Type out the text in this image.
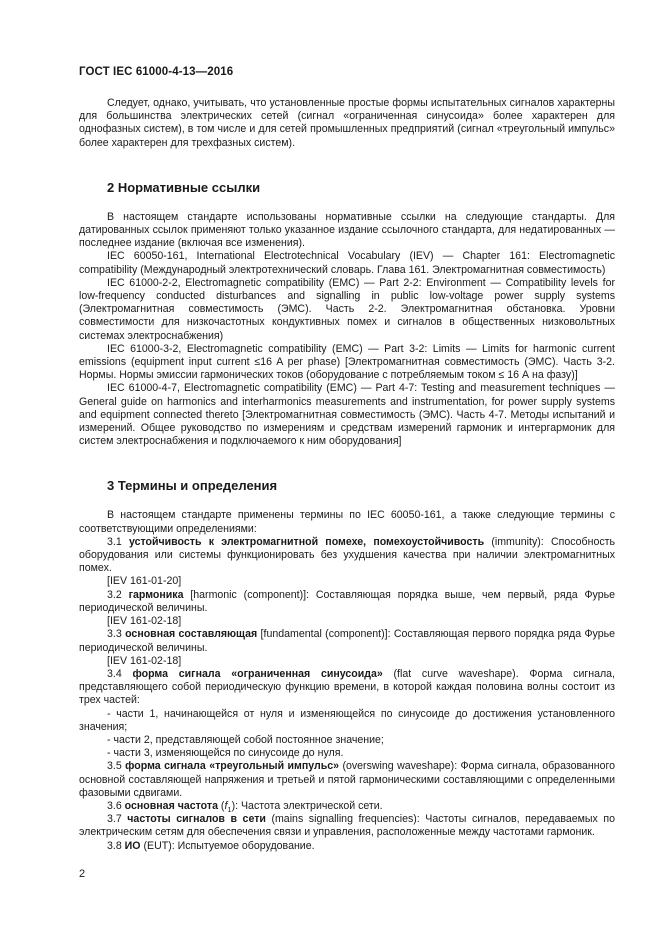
ГОСТ IEC 61000-4-13—2016

Следует, однако, учитывать, что установленные простые формы испытательных сигналов характерны для большинства электрических сетей (сигнал «ограниченная синусоида» более характерен для однофазных систем), в том числе и для сетей промышленных предприятий (сигнал «треугольный импульс» более характерен для трехфазных систем).

2 Нормативные ссылки

В настоящем стандарте использованы нормативные ссылки на следующие стандарты. Для датированных ссылок применяют только указанное издание ссылочного стандарта, для недатированных — последнее издание (включая все изменения).

IEC 60050-161, International Electrotechnical Vocabulary (IEV) — Chapter 161: Electromagnetic compatibility (Международный электротехнический словарь. Глава 161. Электромагнитная совместимость)

IEC 61000-2-2, Electromagnetic compatibility (EMC) — Part 2-2: Environment — Compatibility levels for low-frequency conducted disturbances and signalling in public low-voltage power supply systems (Электромагнитная совместимость (ЭМС). Часть 2-2. Электромагнитная обстановка. Уровни совместимости для низкочастотных кондуктивных помех и сигналов в общественных низковольтных системах электроснабжения)

IEC 61000-3-2, Electromagnetic compatibility (EMC) — Part 3-2: Limits — Limits for harmonic current emissions (equipment input current ≤16 A per phase) [Электромагнитная совместимость (ЭМС). Часть 3-2. Нормы. Нормы эмиссии гармонических токов (оборудование с потребляемым током ≤ 16 А на фазу)]

IEC 61000-4-7, Electromagnetic compatibility (EMC) — Part 4-7: Testing and measurement techniques — General guide on harmonics and interharmonics measurements and instrumentation, for power supply systems and equipment connected thereto [Электромагнитная совместимость (ЭМС). Часть 4-7. Методы испытаний и измерений. Общее руководство по измерениям и средствам измерений гармоник и интергармоник для систем электроснабжения и подключаемого к ним оборудования]

3 Термины и определения

В настоящем стандарте применены термины по IEC 60050-161, а также следующие термины с соответствующими определениями:

3.1 устойчивость к электромагнитной помехе, помехоустойчивость (immunity): Способность оборудования или системы функционировать без ухудшения качества при наличии электромагнитных помех.

[IEV 161-01-20]

3.2 гармоника [harmonic (component)]: Составляющая порядка выше, чем первый, ряда Фурье периодической величины.

[IEV 161-02-18]

3.3 основная составляющая [fundamental (component)]: Составляющая первого порядка ряда Фурье периодической величины.

[IEV 161-02-18]

3.4 форма сигнала «ограниченная синусоида» (flat curve waveshape). Форма сигнала, представляющего собой периодическую функцию времени, в которой каждая половина волны состоит из трех частей:

- части 1, начинающейся от нуля и изменяющейся по синусоиде до достижения установленного значения;

- части 2, представляющей собой постоянное значение;

- части 3, изменяющейся по синусоиде до нуля.

3.5 форма сигнала «треугольный импульс» (overswing waveshape): Форма сигнала, образованного основной составляющей напряжения и третьей и пятой гармоническими составляющими с определенными фазовыми сдвигами.

3.6 основная частота $(f_1)$: Частота электрической сети.

3.7 частоты сигналов в сети (mains signalling frequencies): Частоты сигналов, передаваемых по электрическим сетям для обеспечения связи и управления, расположенные между частотами гармоник.

3.8 ИО (EUT): Испытуемое оборудование.

2
